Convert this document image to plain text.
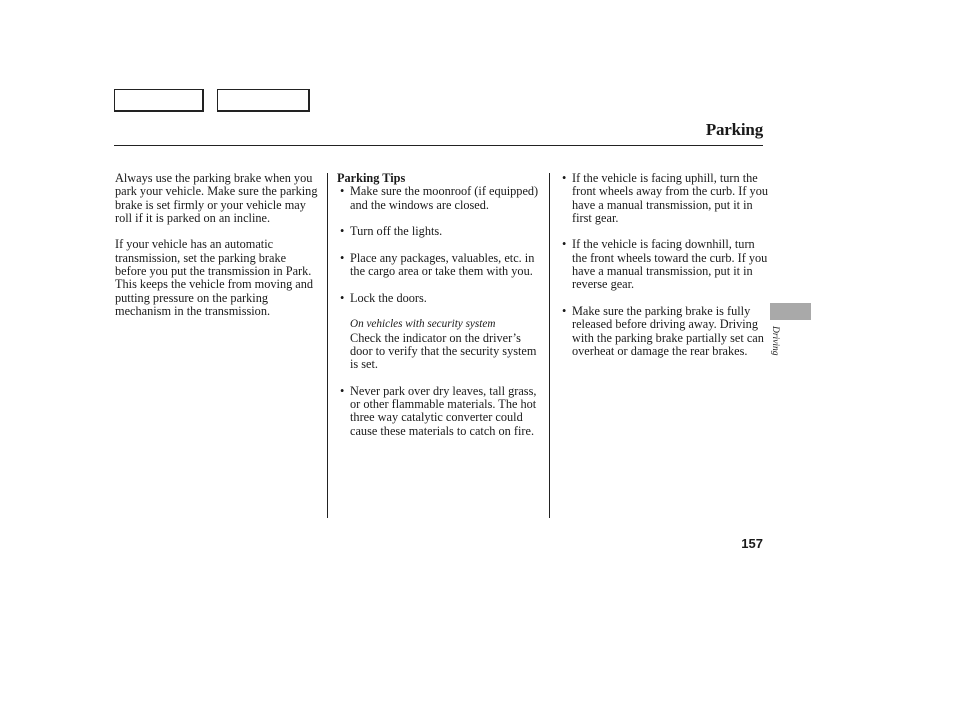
Parking

Always use the parking brake when you park your vehicle. Make sure the parking brake is set firmly or your vehicle may roll if it is parked on an incline.

If your vehicle has an automatic transmission, set the parking brake before you put the transmission in Park. This keeps the vehicle from moving and putting pressure on the parking mechanism in the transmission.

Parking Tips

• Make sure the moonroof (if equipped) and the windows are closed.
• Turn off the lights.
• Place any packages, valuables, etc. in the cargo area or take them with you.
• Lock the doors.

On vehicles with security system

Check the indicator on the driver’s door to verify that the security system is set.

• Never park over dry leaves, tall grass, or other flammable materials. The hot three way catalytic converter could cause these materials to catch on fire.
• If the vehicle is facing uphill, turn the front wheels away from the curb. If you have a manual transmission, put it in first gear.
• If the vehicle is facing downhill, turn the front wheels toward the curb. If you have a manual transmission, put it in reverse gear.
• Make sure the parking brake is fully released before driving away. Driving with the parking brake partially set can overheat or damage the rear brakes.	Driving
157
